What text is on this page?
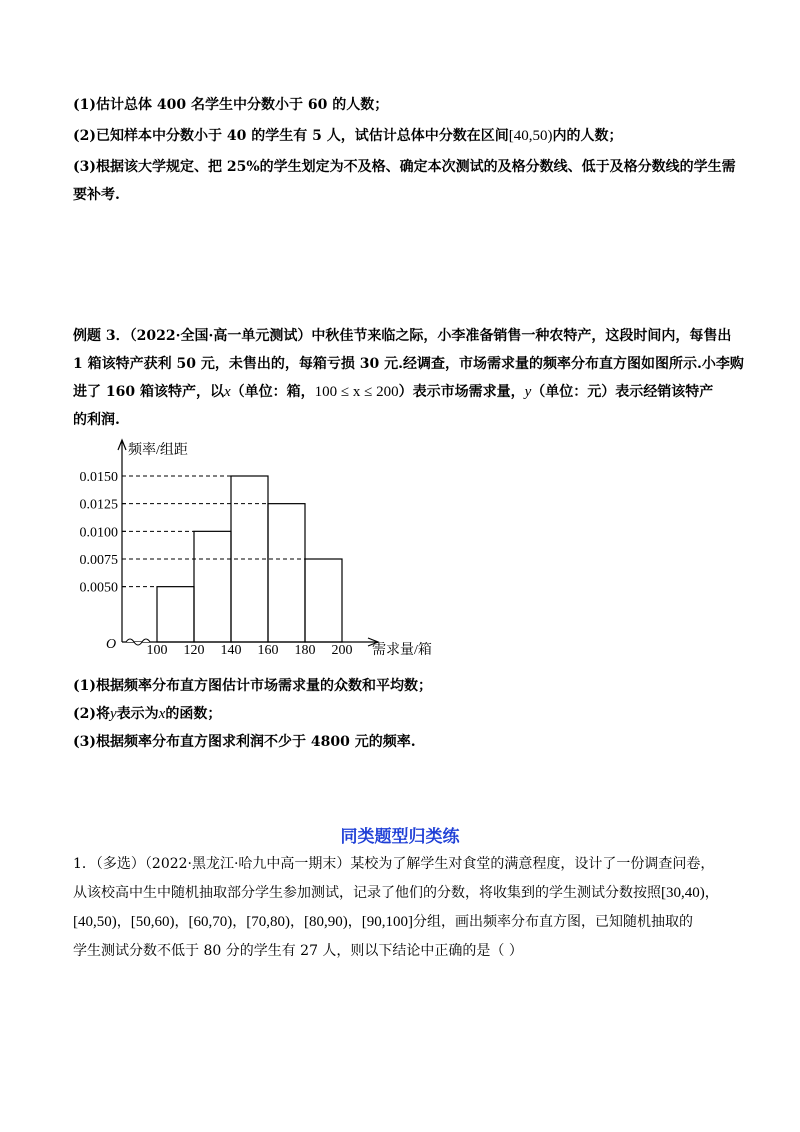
(1)估计总体 400 名学生中分数小于 60 的人数；
(2)已知样本中分数小于 40 的学生有 5 人，试估计总体中分数在区间[40,50)内的人数；
(3)根据该大学规定、把 25%的学生划定为不及格、确定本次测试的及格分数线、低于及格分数线的学生需
要补考.
例题 3．（2022·全国·高一单元测试）中秋佳节来临之际，小李准备销售一种农特产，这段时间内，每售出
1 箱该特产获利 50 元，未售出的，每箱亏损 30 元.经调查，市场需求量的频率分布直方图如图所示.小李购
进了 160 箱该特产，以x（单位：箱，100 ≤ x ≤ 200）表示市场需求量，y（单位：元）表示经销该特产
的利润.
频率/组距
需求量/箱
O
0.0050
0.0075
0.0100
0.0125
0.0150
100 120 140 160 180 200
(1)根据频率分布直方图估计市场需求量的众数和平均数；
(2)将y表示为x的函数；
(3)根据频率分布直方图求利润不少于 4800 元的频率.
同类题型归类练
1．（多选）（2022·黑龙江·哈九中高一期末）某校为了解学生对食堂的满意程度，设计了一份调查问卷，
从该校高中生中随机抽取部分学生参加测试，记录了他们的分数，将收集到的学生测试分数按照[30,40)，
[40,50)，[50,60)，[60,70)，[70,80)，[80,90)，[90,100]分组，画出频率分布直方图，已知随机抽取的
学生测试分数不低于 80 分的学生有 27 人，则以下结论中正确的是（ ）
